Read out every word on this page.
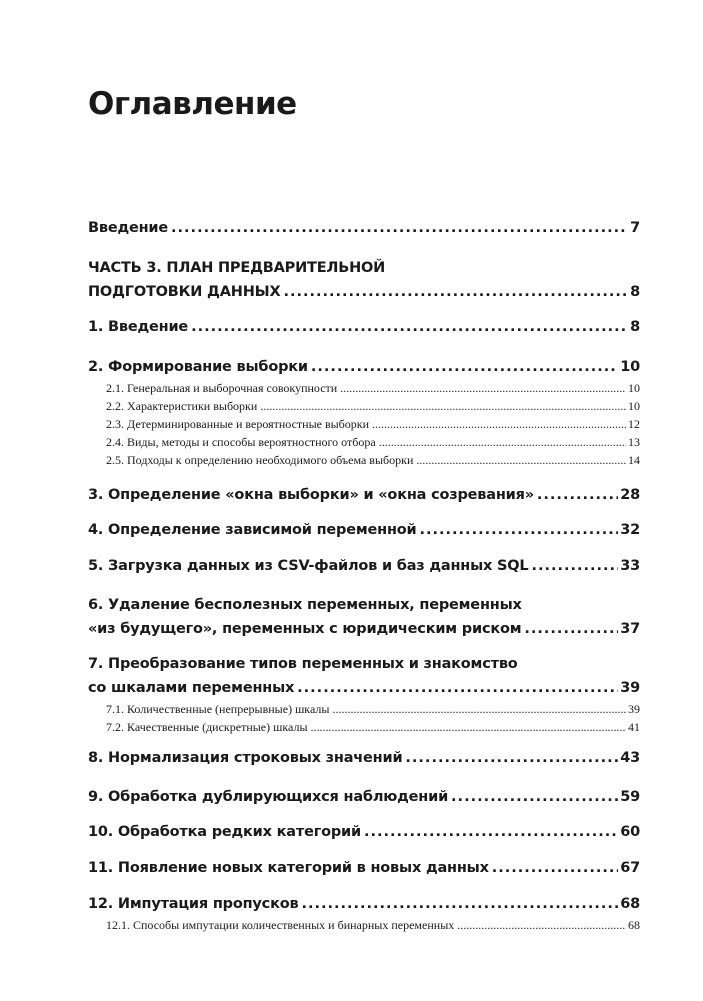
Оглавление
Введение .....	7
ЧАСТЬ 3. ПЛАН ПРЕДВАРИТЕЛЬНОЙ
ПОДГОТОВКИ ДАННЫХ .....	8
1. Введение .....	8
2. Формирование выборки .....	10
2.1. Генеральная и выборочная совокупности .....	10
2.2. Характеристики выборки .....	10
2.3. Детерминированные и вероятностные выборки .....	12
2.4. Виды, методы и способы вероятностного отбора .....	13
2.5. Подходы к определению необходимого объема выборки .....	14
3. Определение «окна выборки» и «окна созревания» .....	28
4. Определение зависимой переменной .....	32
5. Загрузка данных из CSV-файлов и баз данных SQL .....	33
6. Удаление бесполезных переменных, переменных
«из будущего», переменных с юридическим риском .....	37
7. Преобразование типов переменных и знакомство
со шкалами переменных .....	39
7.1. Количественные (непрерывные) шкалы .....	39
7.2. Качественные (дискретные) шкалы .....	41
8. Нормализация строковых значений .....	43
9. Обработка дублирующихся наблюдений .....	59
10. Обработка редких категорий .....	60
11. Появление новых категорий в новых данных .....	67
12. Импутация пропусков .....	68
12.1. Способы импутации количественных и бинарных переменных .....	68
